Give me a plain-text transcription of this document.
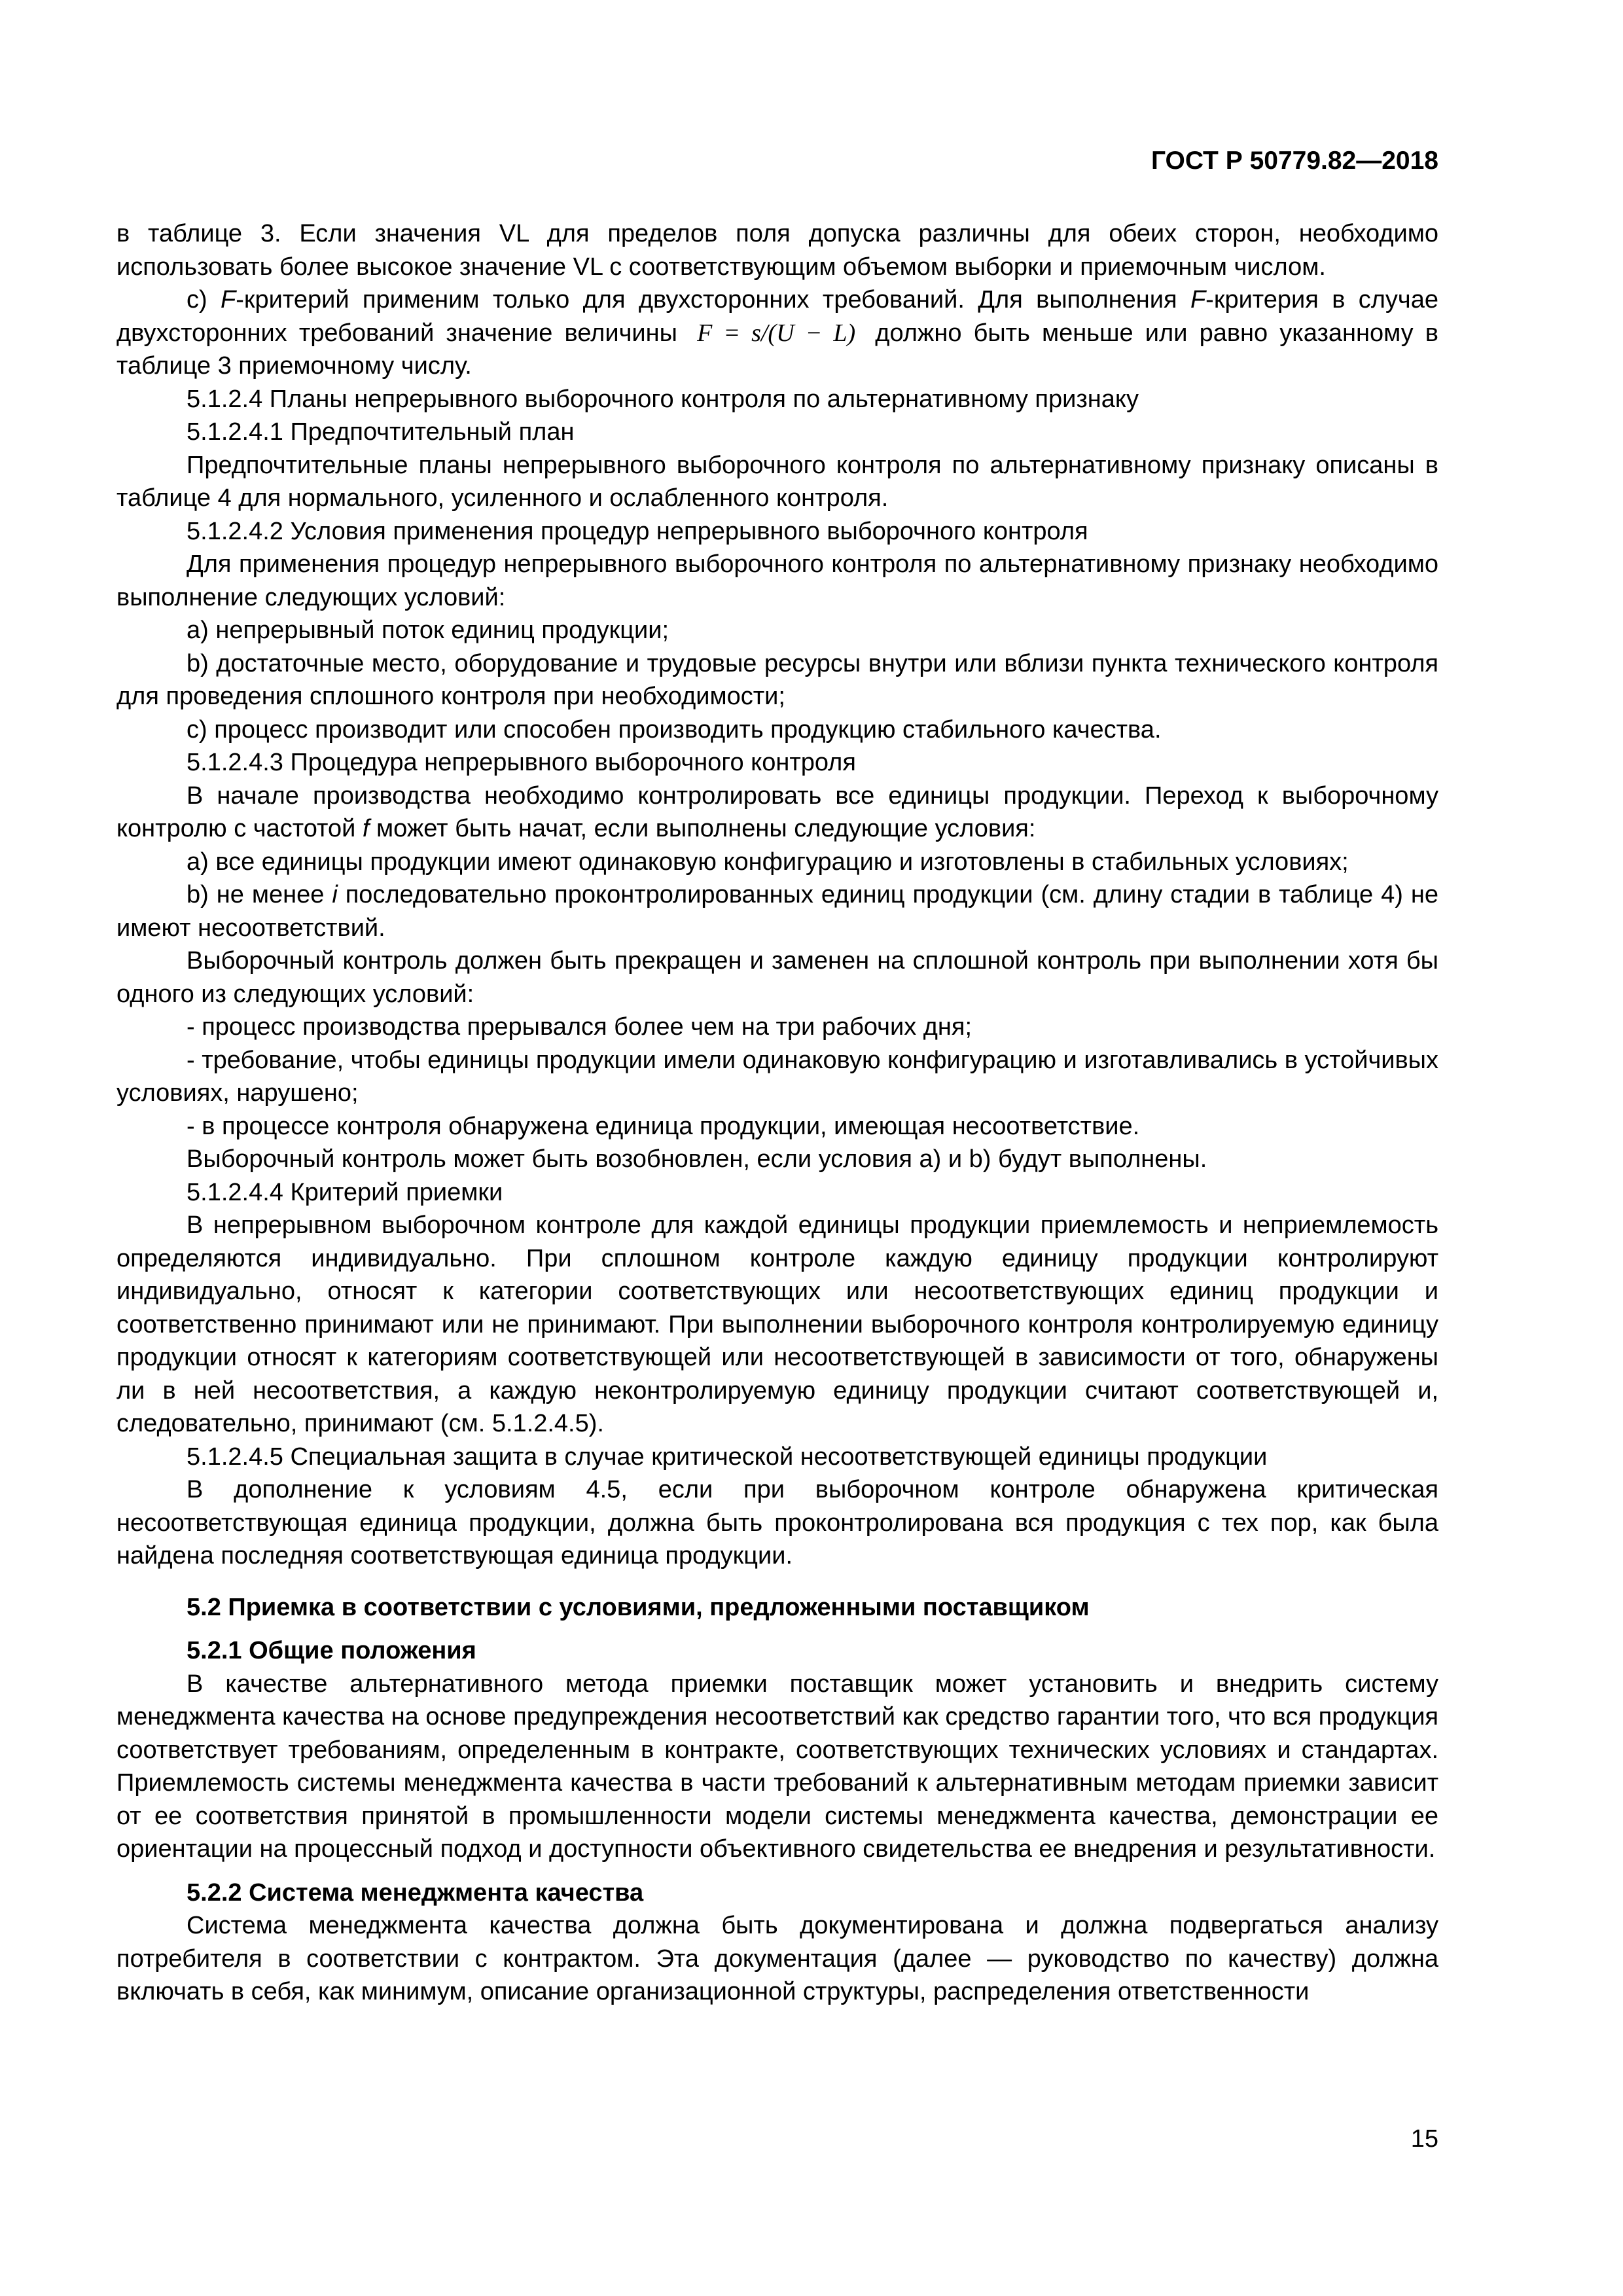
ГОСТ Р 50779.82—2018

в таблице 3. Если значения VL для пределов поля допуска различны для обеих сторон, необходимо использовать более высокое значение VL с соответствующим объемом выборки и приемочным числом.

c) F-критерий применим только для двухсторонних требований. Для выполнения F-критерия в случае двухсторонних требований значение величины F = s/(U − L) должно быть меньше или равно указанному в таблице 3 приемочному числу.

5.1.2.4 Планы непрерывного выборочного контроля по альтернативному признаку

5.1.2.4.1 Предпочтительный план

Предпочтительные планы непрерывного выборочного контроля по альтернативному признаку описаны в таблице 4 для нормального, усиленного и ослабленного контроля.

5.1.2.4.2 Условия применения процедур непрерывного выборочного контроля

Для применения процедур непрерывного выборочного контроля по альтернативному признаку необходимо выполнение следующих условий:

a) непрерывный поток единиц продукции;

b) достаточные место, оборудование и трудовые ресурсы внутри или вблизи пункта технического контроля для проведения сплошного контроля при необходимости;

c) процесс производит или способен производить продукцию стабильного качества.

5.1.2.4.3 Процедура непрерывного выборочного контроля

В начале производства необходимо контролировать все единицы продукции. Переход к выборочному контролю с частотой f может быть начат, если выполнены следующие условия:

a) все единицы продукции имеют одинаковую конфигурацию и изготовлены в стабильных условиях;

b) не менее i последовательно проконтролированных единиц продукции (см. длину стадии в таблице 4) не имеют несоответствий.

Выборочный контроль должен быть прекращен и заменен на сплошной контроль при выполнении хотя бы одного из следующих условий:

- процесс производства прерывался более чем на три рабочих дня;

- требование, чтобы единицы продукции имели одинаковую конфигурацию и изготавливались в устойчивых условиях, нарушено;

- в процессе контроля обнаружена единица продукции, имеющая несоответствие.

Выборочный контроль может быть возобновлен, если условия a) и b) будут выполнены.

5.1.2.4.4 Критерий приемки

В непрерывном выборочном контроле для каждой единицы продукции приемлемость и неприемлемость определяются индивидуально. При сплошном контроле каждую единицу продукции контролируют индивидуально, относят к категории соответствующих или несоответствующих единиц продукции и соответственно принимают или не принимают. При выполнении выборочного контроля контролируемую единицу продукции относят к категориям соответствующей или несоответствующей в зависимости от того, обнаружены ли в ней несоответствия, а каждую неконтролируемую единицу продукции считают соответствующей и, следовательно, принимают (см. 5.1.2.4.5).

5.1.2.4.5 Специальная защита в случае критической несоответствующей единицы продукции

В дополнение к условиям 4.5, если при выборочном контроле обнаружена критическая несоответствующая единица продукции, должна быть проконтролирована вся продукция с тех пор, как была найдена последняя соответствующая единица продукции.

5.2 Приемка в соответствии с условиями, предложенными поставщиком

5.2.1 Общие положения

В качестве альтернативного метода приемки поставщик может установить и внедрить систему менеджмента качества на основе предупреждения несоответствий как средство гарантии того, что вся продукция соответствует требованиям, определенным в контракте, соответствующих технических условиях и стандартах. Приемлемость системы менеджмента качества в части требований к альтернативным методам приемки зависит от ее соответствия принятой в промышленности модели системы менеджмента качества, демонстрации ее ориентации на процессный подход и доступности объективного свидетельства ее внедрения и результативности.

5.2.2 Система менеджмента качества

Система менеджмента качества должна быть документирована и должна подвергаться анализу потребителя в соответствии с контрактом. Эта документация (далее — руководство по качеству) должна включать в себя, как минимум, описание организационной структуры, распределения ответственности

15
